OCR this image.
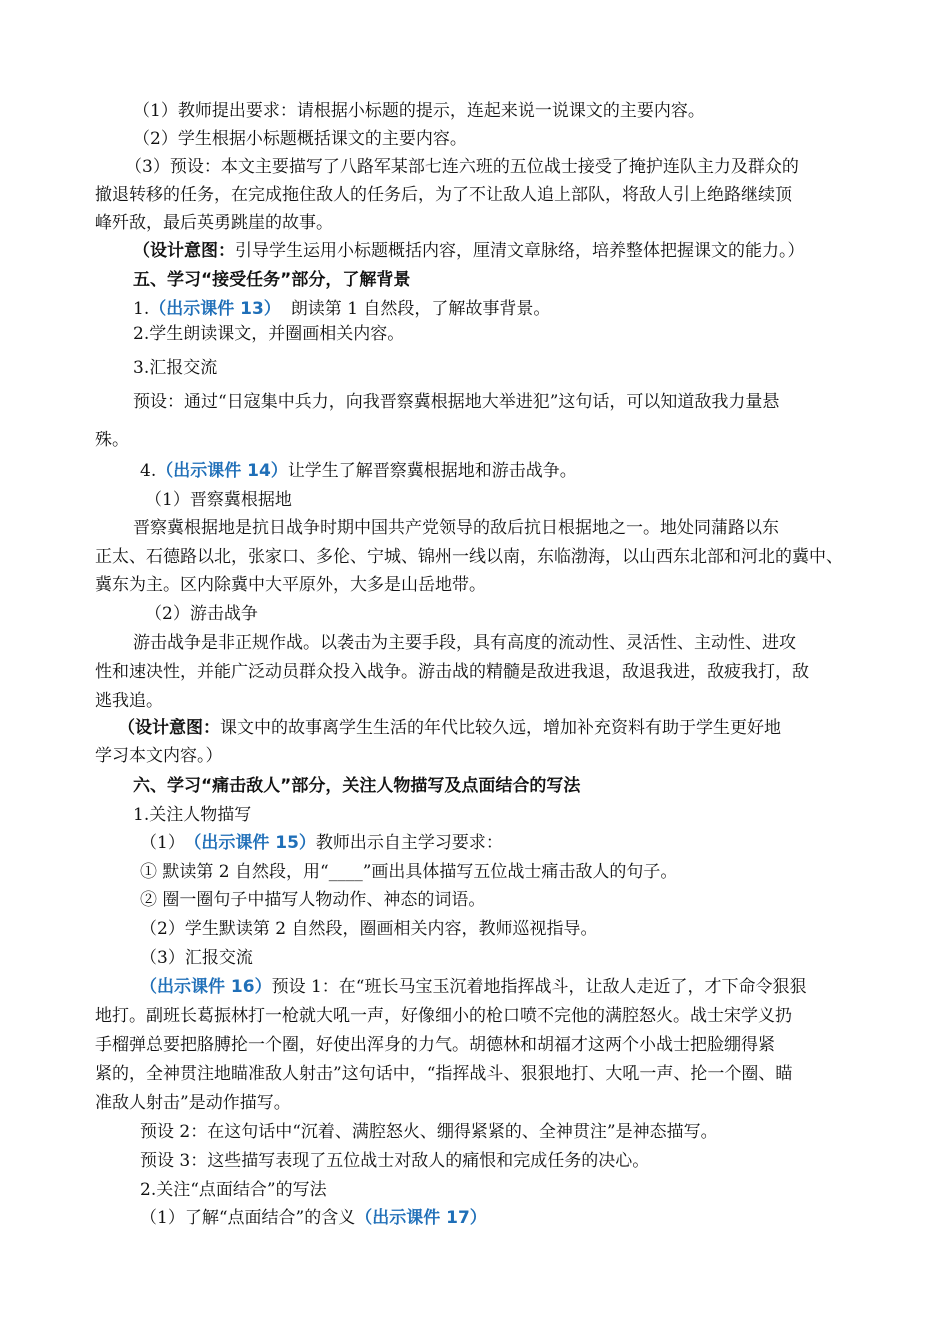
（1）教师提出要求：请根据小标题的提示，连起来说一说课文的主要内容。
（2）学生根据小标题概括课文的主要内容。
（3）预设：本文主要描写了八路军某部七连六班的五位战士接受了掩护连队主力及群众的
撤退转移的任务，在完成拖住敌人的任务后，为了不让敌人追上部队，将敌人引上绝路继续顶
峰歼敌，最后英勇跳崖的故事。
（设计意图：引导学生运用小标题概括内容，厘清文章脉络，培养整体把握课文的能力。）
五、学习“接受任务”部分，了解背景
1.（出示课件 13） 朗读第 1 自然段，了解故事背景。
2.学生朗读课文，并圈画相关内容。
3.汇报交流
预设：通过“日寇集中兵力，向我晋察冀根据地大举进犯”这句话，可以知道敌我力量悬
殊。
4.（出示课件 14）让学生了解晋察冀根据地和游击战争。
（1）晋察冀根据地
晋察冀根据地是抗日战争时期中国共产党领导的敌后抗日根据地之一。地处同蒲路以东
正太、石德路以北，张家口、多伦、宁城、锦州一线以南，东临渤海，以山西东北部和河北的冀中、
冀东为主。区内除冀中大平原外，大多是山岳地带。
（2）游击战争
游击战争是非正规作战。以袭击为主要手段，具有高度的流动性、灵活性、主动性、进攻
性和速决性，并能广泛动员群众投入战争。游击战的精髓是敌进我退，敌退我进，敌疲我打，敌
逃我追。
（设计意图：课文中的故事离学生生活的年代比较久远，增加补充资料有助于学生更好地
学习本文内容。）
六、学习“痛击敌人”部分，关注人物描写及点面结合的写法
1.关注人物描写
（1） （出示课件 15）教师出示自主学习要求：
① 默读第 2 自然段，用“____”画出具体描写五位战士痛击敌人的句子。
② 圈一圈句子中描写人物动作、神态的词语。
（2）学生默读第 2 自然段，圈画相关内容，教师巡视指导。
（3）汇报交流
（出示课件 16）预设 1：在“班长马宝玉沉着地指挥战斗，让敌人走近了，才下命令狠狠
地打。副班长葛振林打一枪就大吼一声，好像细小的枪口喷不完他的满腔怒火。战士宋学义扔
手榴弹总要把胳膊抡一个圈，好使出浑身的力气。胡德林和胡福才这两个小战士把脸绷得紧
紧的，全神贯注地瞄准敌人射击”这句话中，“指挥战斗、狠狠地打、大吼一声、抡一个圈、瞄
准敌人射击”是动作描写。
预设 2：在这句话中“沉着、满腔怒火、绷得紧紧的、全神贯注”是神态描写。
预设 3：这些描写表现了五位战士对敌人的痛恨和完成任务的决心。
2.关注“点面结合”的写法
（1）了解“点面结合”的含义（出示课件 17）
